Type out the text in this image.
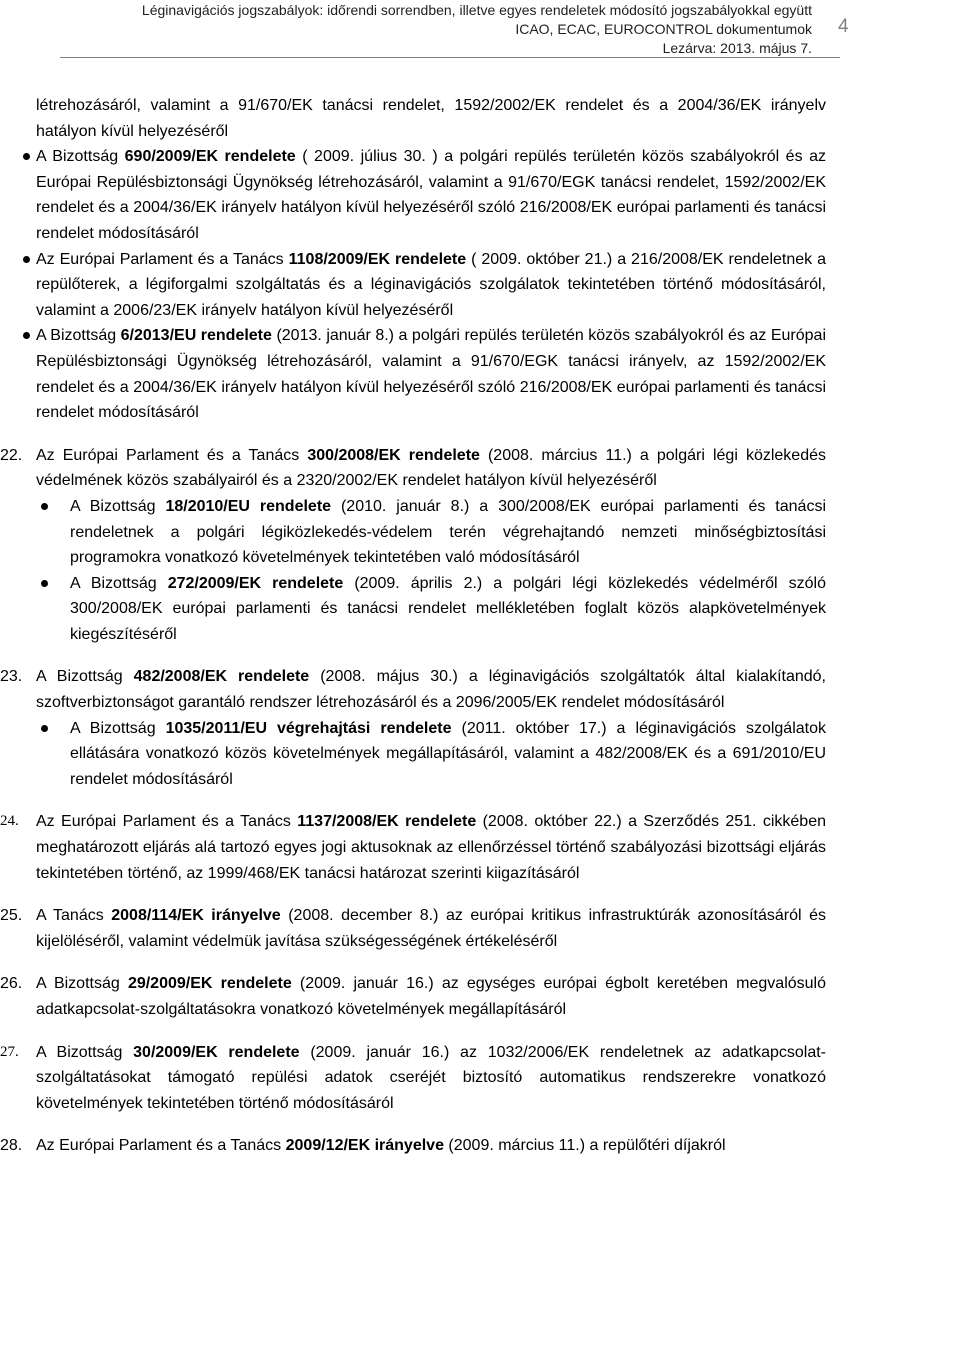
Léginavigációs jogszabályok: időrendi sorrendben, illetve egyes rendeletek módosító jogszabályokkal együtt
ICAO, ECAC, EUROCONTROL dokumentumok
Lezárva: 2013. május 7.
4

létrehozásáról, valamint a 91/670/EK tanácsi rendelet, 1592/2002/EK rendelet és a 2004/36/EK irányelv hatályon kívül helyezéséről

A Bizottság 690/2009/EK rendelete ( 2009. július 30. ) a polgári repülés területén közös szabályokról és az Európai Repülésbiztonsági Ügynökség létrehozásáról, valamint a 91/670/EGK tanácsi rendelet, 1592/2002/EK rendelet és a 2004/36/EK irányelv hatályon kívül helyezéséről szóló 216/2008/EK európai parlamenti és tanácsi rendelet módosításáról

Az Európai Parlament és a Tanács 1108/2009/EK rendelete ( 2009. október 21.) a 216/2008/EK rendeletnek a repülőterek, a légiforgalmi szolgáltatás és a léginavigációs szolgálatok tekintetében történő módosításáról, valamint a 2006/23/EK irányelv hatályon kívül helyezéséről

A Bizottság 6/2013/EU rendelete (2013. január 8.) a polgári repülés területén közös szabályokról és az Európai Repülésbiztonsági Ügynökség létrehozásáról, valamint a 91/670/EGK tanácsi irányelv, az 1592/2002/EK rendelet és a 2004/36/EK irányelv hatályon kívül helyezéséről szóló 216/2008/EK európai parlamenti és tanácsi rendelet módosításáról

22. Az Európai Parlament és a Tanács 300/2008/EK rendelete (2008. március 11.) a polgári légi közlekedés védelmének közös szabályairól és a 2320/2002/EK rendelet hatályon kívül helyezéséről

A Bizottság 18/2010/EU rendelete (2010. január 8.) a 300/2008/EK európai parlamenti és tanácsi rendeletnek a polgári légiközlekedés-védelem terén végrehajtandó nemzeti minőségbiztosítási programokra vonatkozó követelmények tekintetében való módosításáról

A Bizottság 272/2009/EK rendelete (2009. április 2.) a polgári légi közlekedés védelméről szóló 300/2008/EK európai parlamenti és tanácsi rendelet mellékletében foglalt közös alapkövetelmények kiegészítéséről

23. A Bizottság 482/2008/EK rendelete (2008. május 30.) a léginavigációs szolgáltatók által kialakítandó, szoftverbiztonságot garantáló rendszer létrehozásáról és a 2096/2005/EK rendelet módosításáról

A Bizottság 1035/2011/EU végrehajtási rendelete (2011. október 17.) a léginavigációs szolgálatok ellátására vonatkozó közös követelmények megállapításáról, valamint a 482/2008/EK és a 691/2010/EU rendelet módosításáról

24. Az Európai Parlament és a Tanács 1137/2008/EK rendelete (2008. október 22.) a Szerződés 251. cikkében meghatározott eljárás alá tartozó egyes jogi aktusoknak az ellenőrzéssel történő szabályozási bizottsági eljárás tekintetében történő, az 1999/468/EK tanácsi határozat szerinti kiigazításáról

25. A Tanács 2008/114/EK irányelve (2008. december 8.) az európai kritikus infrastruktúrák azonosításáról és kijelöléséről, valamint védelmük javítása szükségességének értékeléséről

26. A Bizottság 29/2009/EK rendelete (2009. január 16.) az egységes európai égbolt keretében megvalósuló adatkapcsolat-szolgáltatásokra vonatkozó követelmények megállapításáról

27. A Bizottság 30/2009/EK rendelete (2009. január 16.) az 1032/2006/EK rendeletnek az adatkapcsolat-szolgáltatásokat támogató repülési adatok cseréjét biztosító automatikus rendszerekre vonatkozó követelmények tekintetében történő módosításáról

28. Az Európai Parlament és a Tanács 2009/12/EK irányelve (2009. március 11.) a repülőtéri díjakról
